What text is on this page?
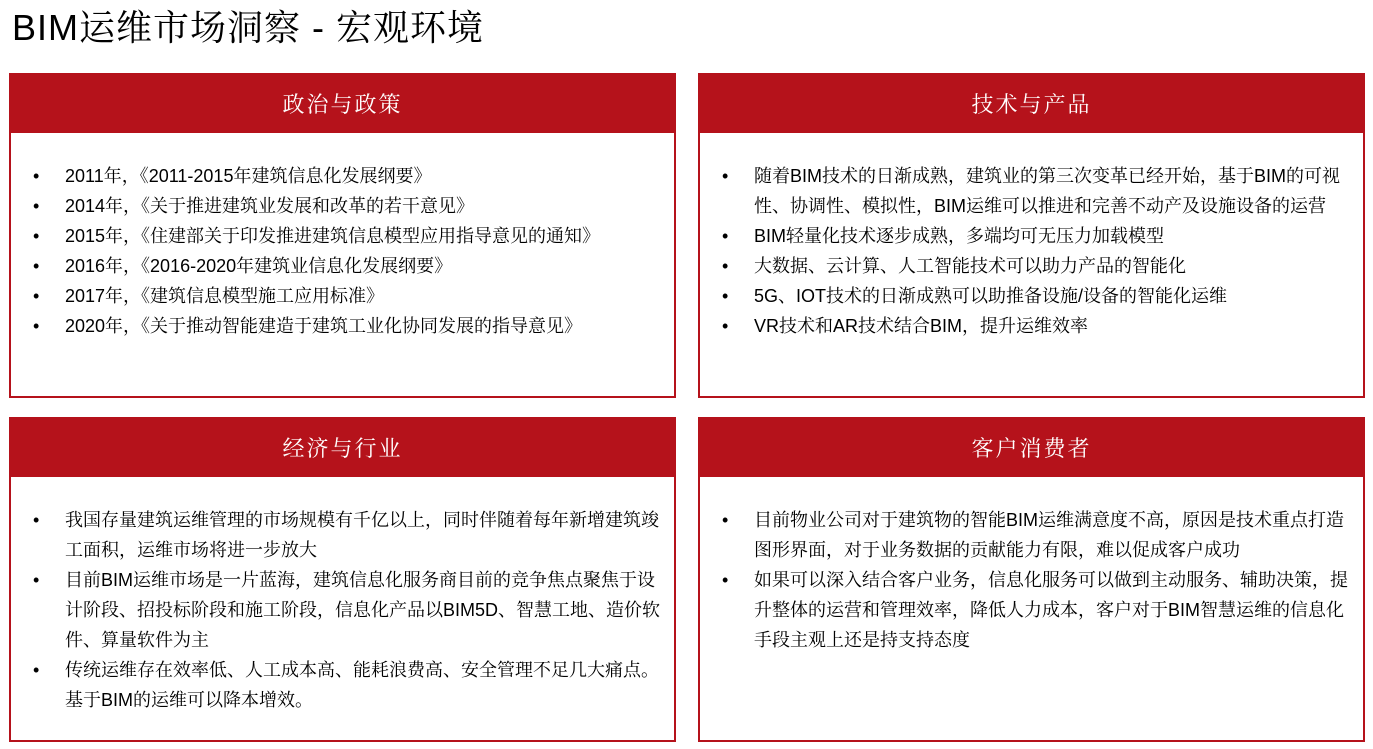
BIM运维市场洞察 - 宏观环境
政治与政策
• 2011年，《2011-2015年建筑信息化发展纲要》
• 2014年，《关于推进建筑业发展和改革的若干意见》
• 2015年，《住建部关于印发推进建筑信息模型应用指导意见的通知》
• 2016年，《2016-2020年建筑业信息化发展纲要》
• 2017年，《建筑信息模型施工应用标准》
• 2020年，《关于推动智能建造于建筑工业化协同发展的指导意见》
技术与产品
• 随着BIM技术的日渐成熟，建筑业的第三次变革已经开始，基于BIM的可视性、协调性、模拟性，BIM运维可以推进和完善不动产及设施设备的运营
• BIM轻量化技术逐步成熟，多端均可无压力加载模型
• 大数据、云计算、人工智能技术可以助力产品的智能化
• 5G、IOT技术的日渐成熟可以助推备设施/设备的智能化运维
• VR技术和AR技术结合BIM，提升运维效率
经济与行业
• 我国存量建筑运维管理的市场规模有千亿以上，同时伴随着每年新增建筑竣工面积，运维市场将进一步放大
• 目前BIM运维市场是一片蓝海，建筑信息化服务商目前的竞争焦点聚焦于设计阶段、招投标阶段和施工阶段，信息化产品以BIM5D、智慧工地、造价软件、算量软件为主
• 传统运维存在效率低、人工成本高、能耗浪费高、安全管理不足几大痛点。基于BIM的运维可以降本增效。
客户消费者
• 目前物业公司对于建筑物的智能BIM运维满意度不高，原因是技术重点打造图形界面，对于业务数据的贡献能力有限，难以促成客户成功
• 如果可以深入结合客户业务，信息化服务可以做到主动服务、辅助决策，提升整体的运营和管理效率，降低人力成本，客户对于BIM智慧运维的信息化手段主观上还是持支持态度
